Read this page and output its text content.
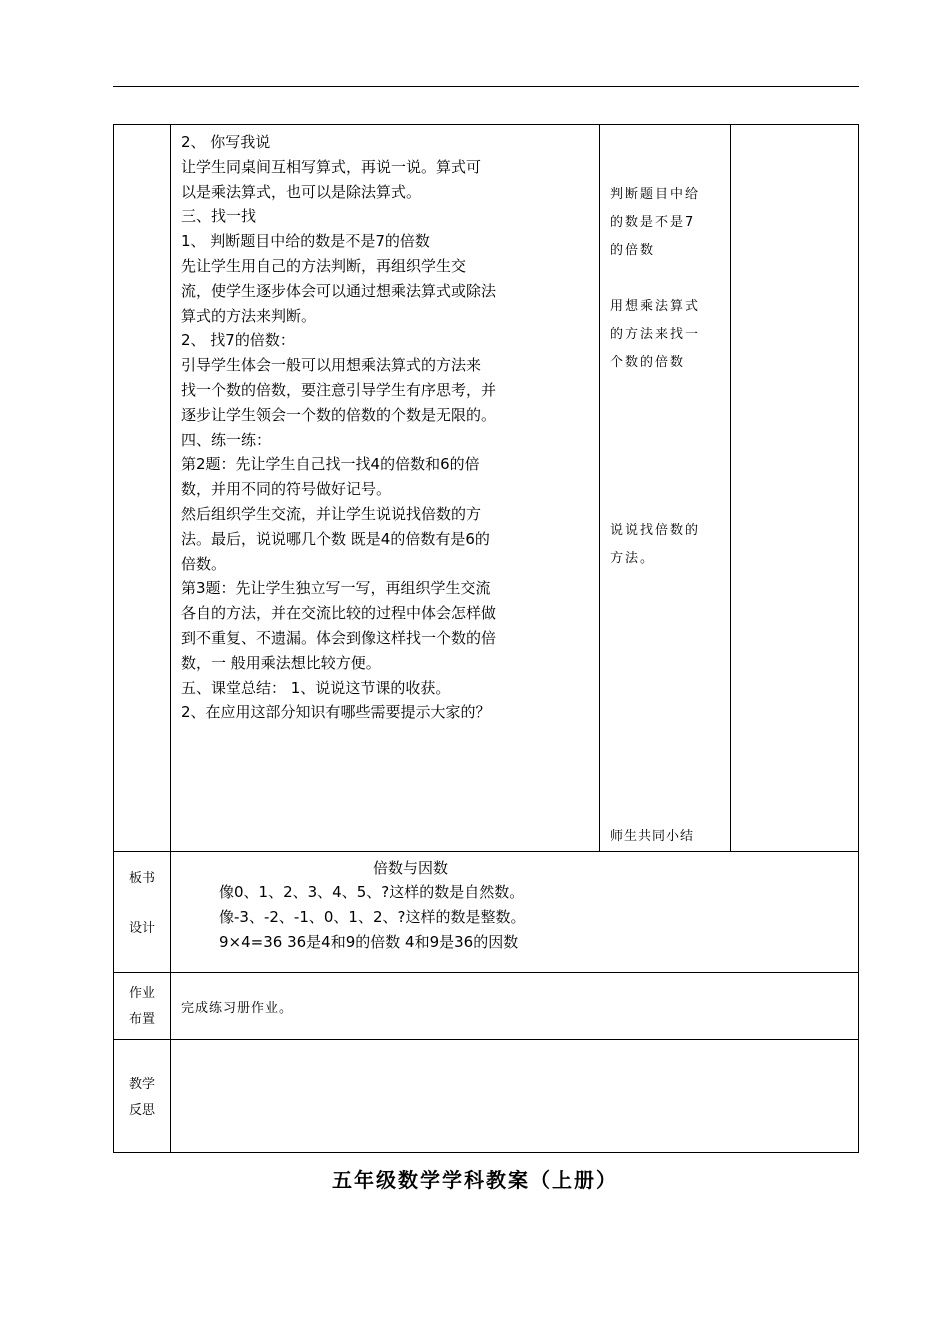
2、 你写我说
让学生同桌间互相写算式，再说一说。算式可
以是乘法算式，也可以是除法算式。
三、找一找
1、 判断题目中给的数是不是7的倍数
先让学生用自己的方法判断，再组织学生交
流，使学生逐步体会可以通过想乘法算式或除法
算式的方法来判断。
2、 找7的倍数：
引导学生体会一般可以用想乘法算式的方法来
找一个数的倍数，要注意引导学生有序思考，并
逐步让学生领会一个数的倍数的个数是无限的。
四、练一练：
第2题：先让学生自己找一找4的倍数和6的倍
数，并用不同的符号做好记号。
然后组织学生交流，并让学生说说找倍数的方
法。最后，说说哪几个数 既是4的倍数有是6的
倍数。
第3题：先让学生独立写一写，再组织学生交流
各自的方法，并在交流比较的过程中体会怎样做
到不重复、不遗漏。体会到像这样找一个数的倍
数，一 般用乘法想比较方便。
五、课堂总结： 1、说说这节课的收获。
2、在应用这部分知识有哪些需要提示大家的？
判断题目中给
的数是不是7
的倍数
用想乘法算式
的方法来找一
个数的倍数
说说找倍数的
方法。
师生共同小结
板书
设计
倍数与因数
像0、1、2、3、4、5、?这样的数是自然数。
像-3、-2、-1、0、1、2、?这样的数是整数。
9×4=36 36是4和9的倍数 4和9是36的因数
作业
布置
完成练习册作业。
教学
反思
五年级数学学科教案（上册）
